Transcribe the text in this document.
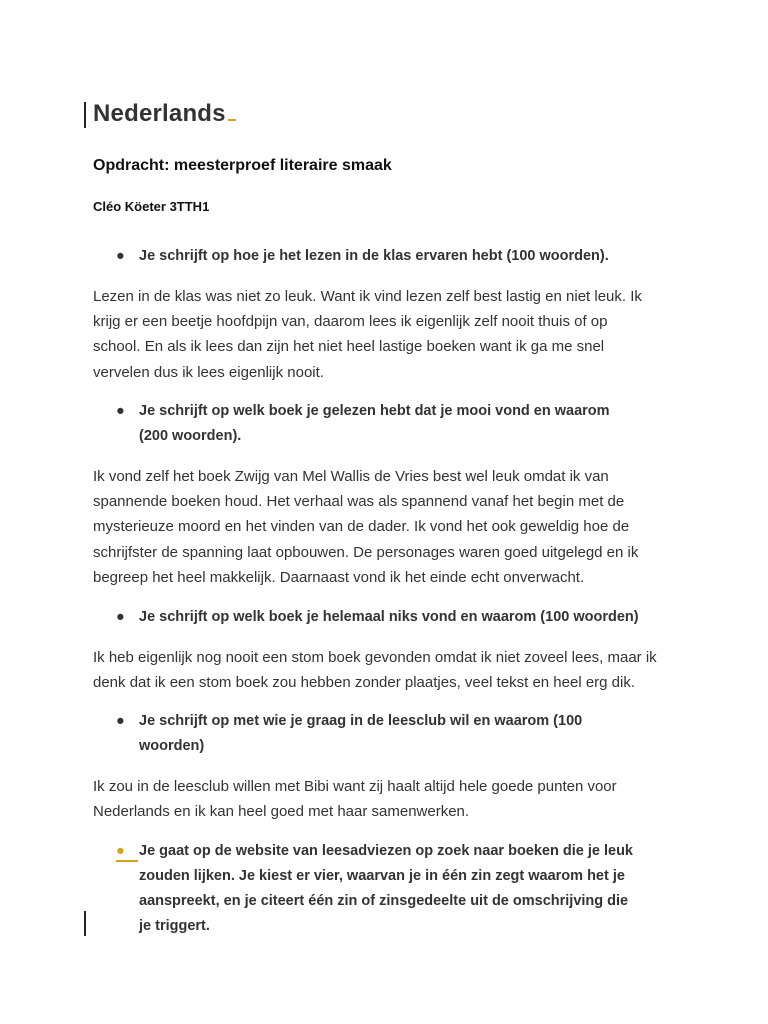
Nederlands
Opdracht: meesterproef literaire smaak
Cléo Köeter 3TTH1
● Je schrijft op hoe je het lezen in de klas ervaren hebt (100 woorden).
Lezen in de klas was niet zo leuk. Want ik vind lezen zelf best lastig en niet leuk. Ik
krijg er een beetje hoofdpijn van, daarom lees ik eigenlijk zelf nooit thuis of op
school. En als ik lees dan zijn het niet heel lastige boeken want ik ga me snel
vervelen dus ik lees eigenlijk nooit.
● Je schrijft op welk boek je gelezen hebt dat je mooi vond en waarom
(200 woorden).
Ik vond zelf het boek Zwijg van Mel Wallis de Vries best wel leuk omdat ik van
spannende boeken houd. Het verhaal was als spannend vanaf het begin met de
mysterieuze moord en het vinden van de dader. Ik vond het ook geweldig hoe de
schrijfster de spanning laat opbouwen. De personages waren goed uitgelegd en ik
begreep het heel makkelijk. Daarnaast vond ik het einde echt onverwacht.
● Je schrijft op welk boek je helemaal niks vond en waarom (100 woorden)
Ik heb eigenlijk nog nooit een stom boek gevonden omdat ik niet zoveel lees, maar ik
denk dat ik een stom boek zou hebben zonder plaatjes, veel tekst en heel erg dik.
● Je schrijft op met wie je graag in de leesclub wil en waarom (100
woorden)
Ik zou in de leesclub willen met Bibi want zij haalt altijd hele goede punten voor
Nederlands en ik kan heel goed met haar samenwerken.
● Je gaat op de website van leesadviezen op zoek naar boeken die je leuk
zouden lijken. Je kiest er vier, waarvan je in één zin zegt waarom het je
aanspreekt, en je citeert één zin of zinsgedeelte uit de omschrijving die
je triggert.
